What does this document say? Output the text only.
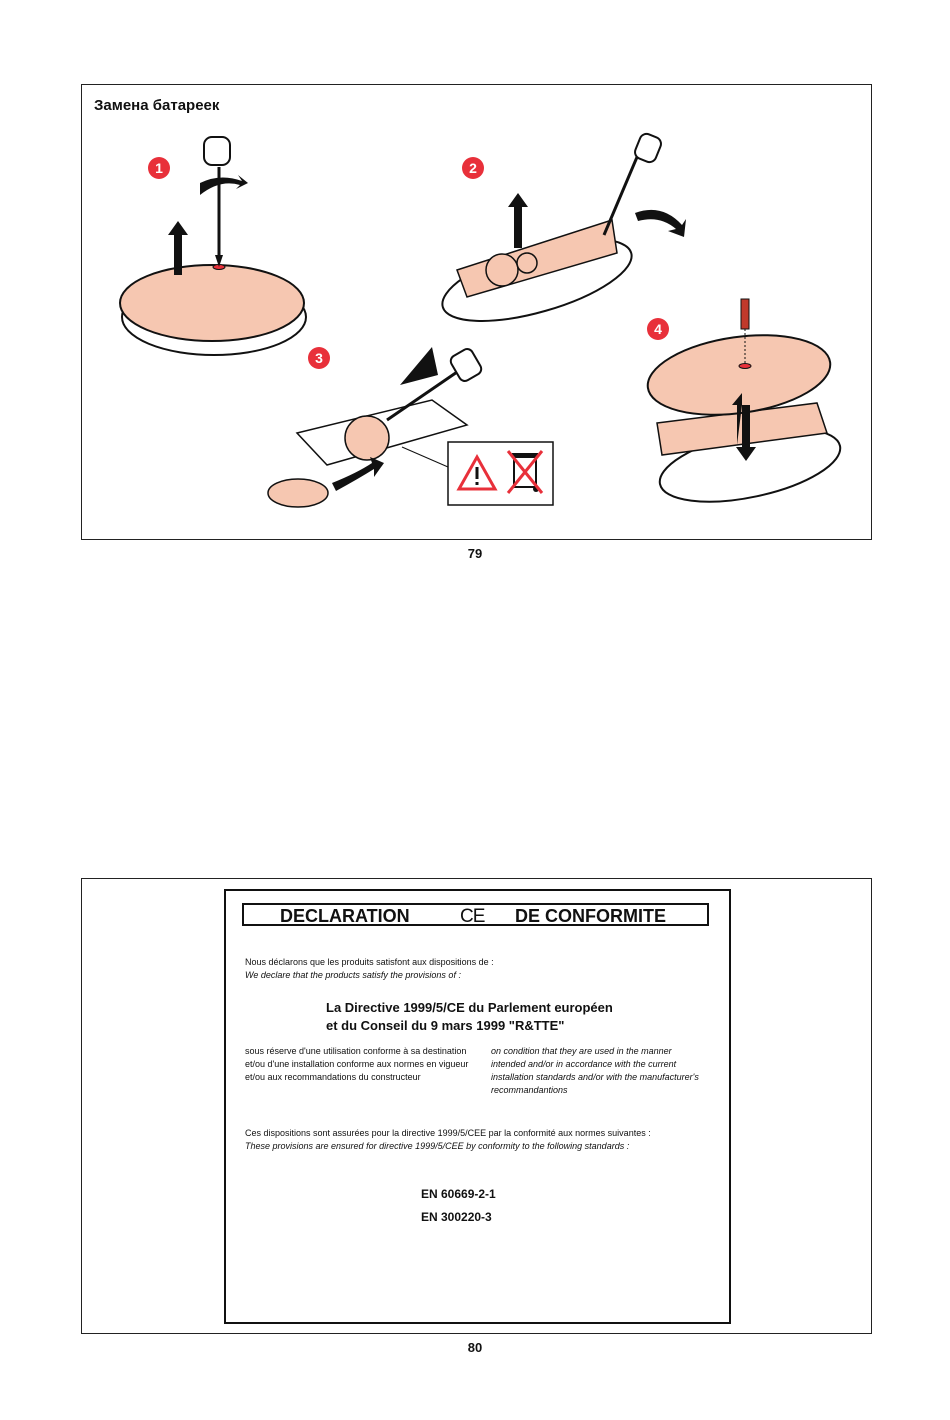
Замена батареек
1	2
3
4
79
DECLARATION	CE DE CONFORMITE
Nous déclarons que les produits satisfont aux dispositions de :
We declare that the products satisfy the provisions of :
La Directive 1999/5/CE du Parlement européen
et du Conseil du 9 mars 1999 "R&TTE"
sous réserve d'une utilisation conforme à sa destination
et/ou d'une installation conforme aux normes en vigueur
et/ou aux recommandations du constructeur
on condition that they are used in the manner
intended and/or in accordance with the current
installation standards and/or with the manufacturer's
recommandantions
Ces dispositions sont assurées pour la directive 1999/5/CEE par la conformité aux normes suivantes :
These provisions are ensured for directive 1999/5/CEE by conformity to the following standards :
EN 60669-2-1
EN 300220-3
80
